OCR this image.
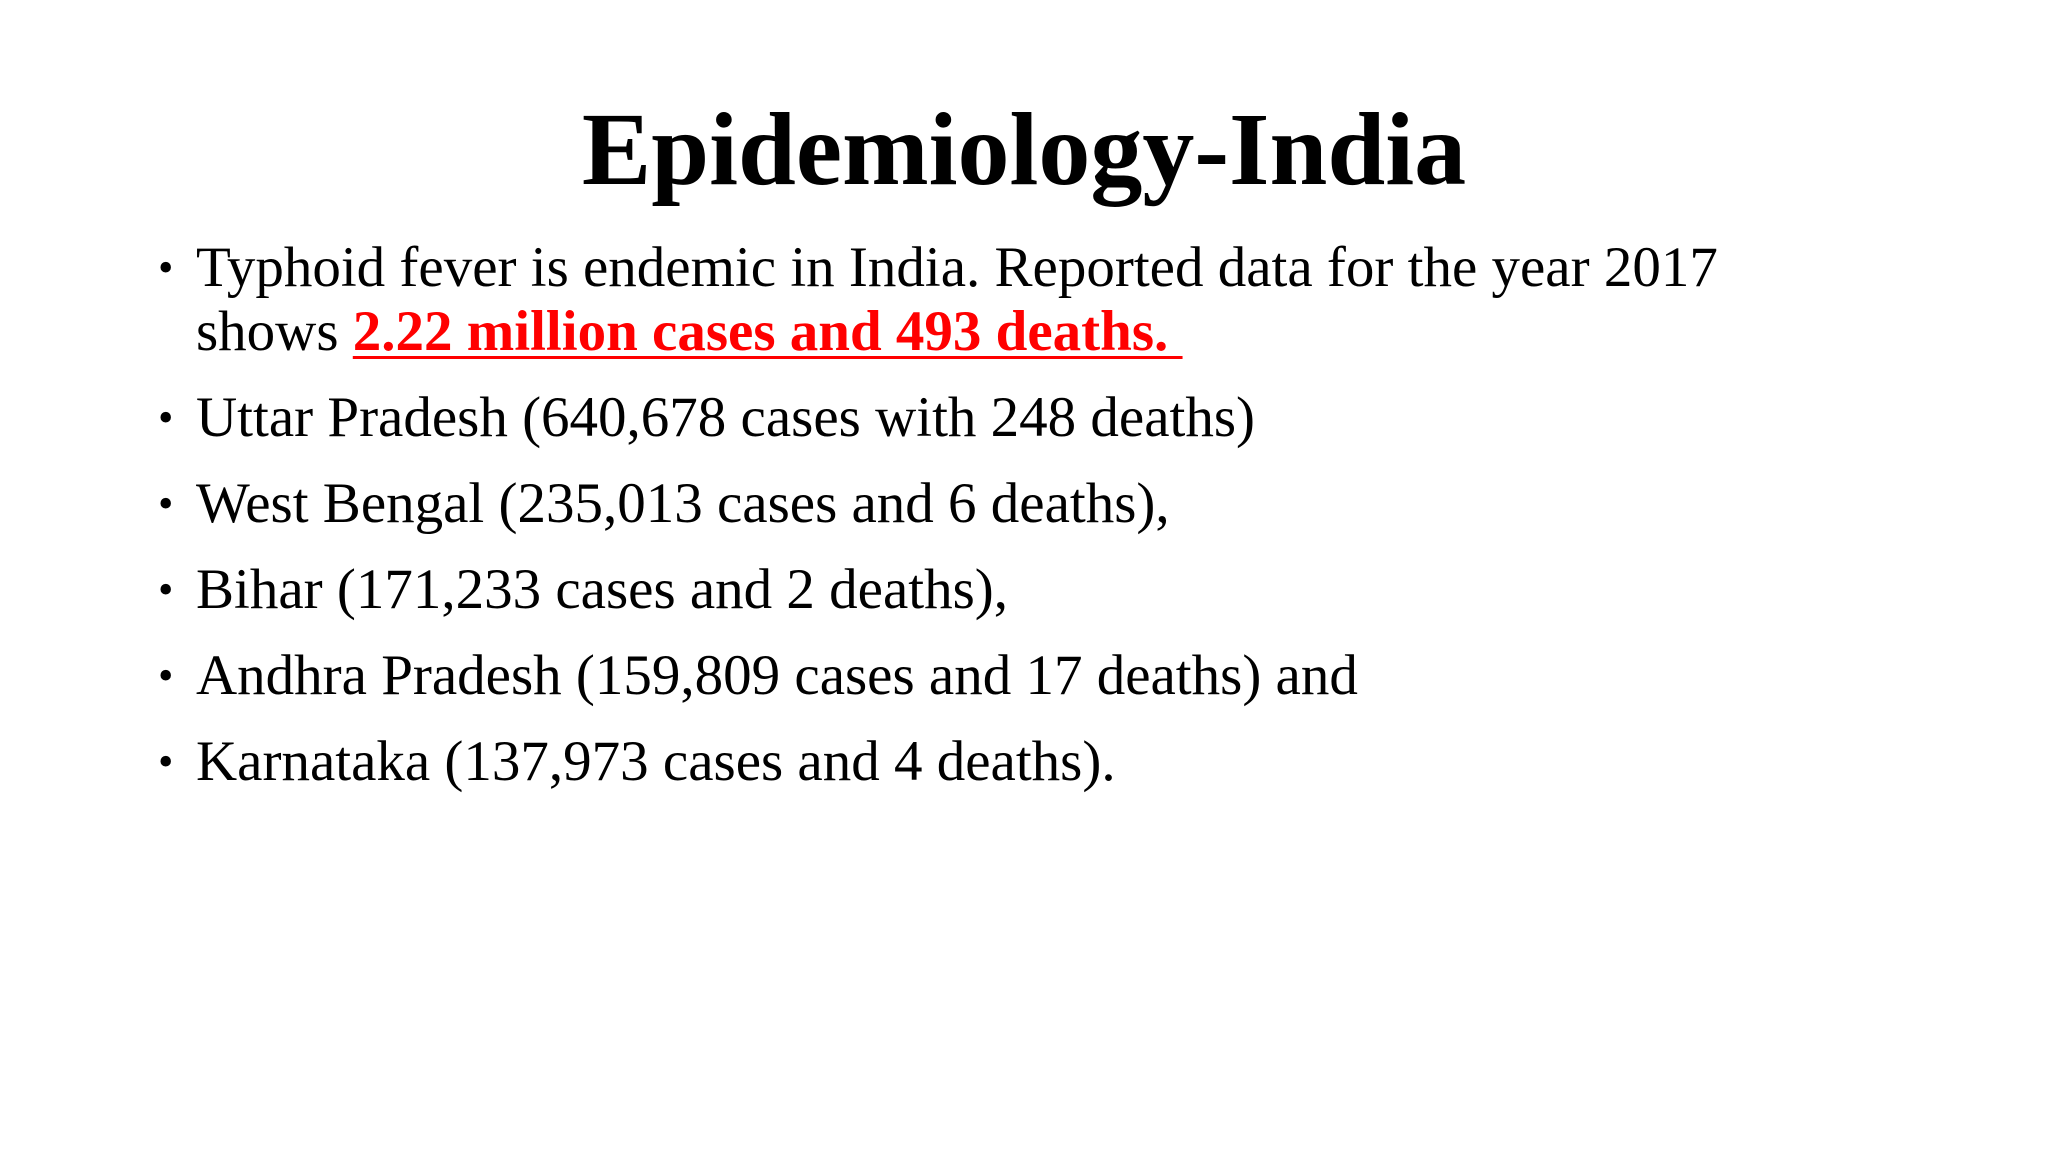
Epidemiology-India
• Typhoid fever is endemic in India. Reported data for the year 2017 shows 2.22 million cases and 493 deaths.
• Uttar Pradesh (640,678 cases with 248 deaths)
• West Bengal (235,013 cases and 6 deaths),
• Bihar (171,233 cases and 2 deaths),
• Andhra Pradesh (159,809 cases and 17 deaths) and
• Karnataka (137,973 cases and 4 deaths).
